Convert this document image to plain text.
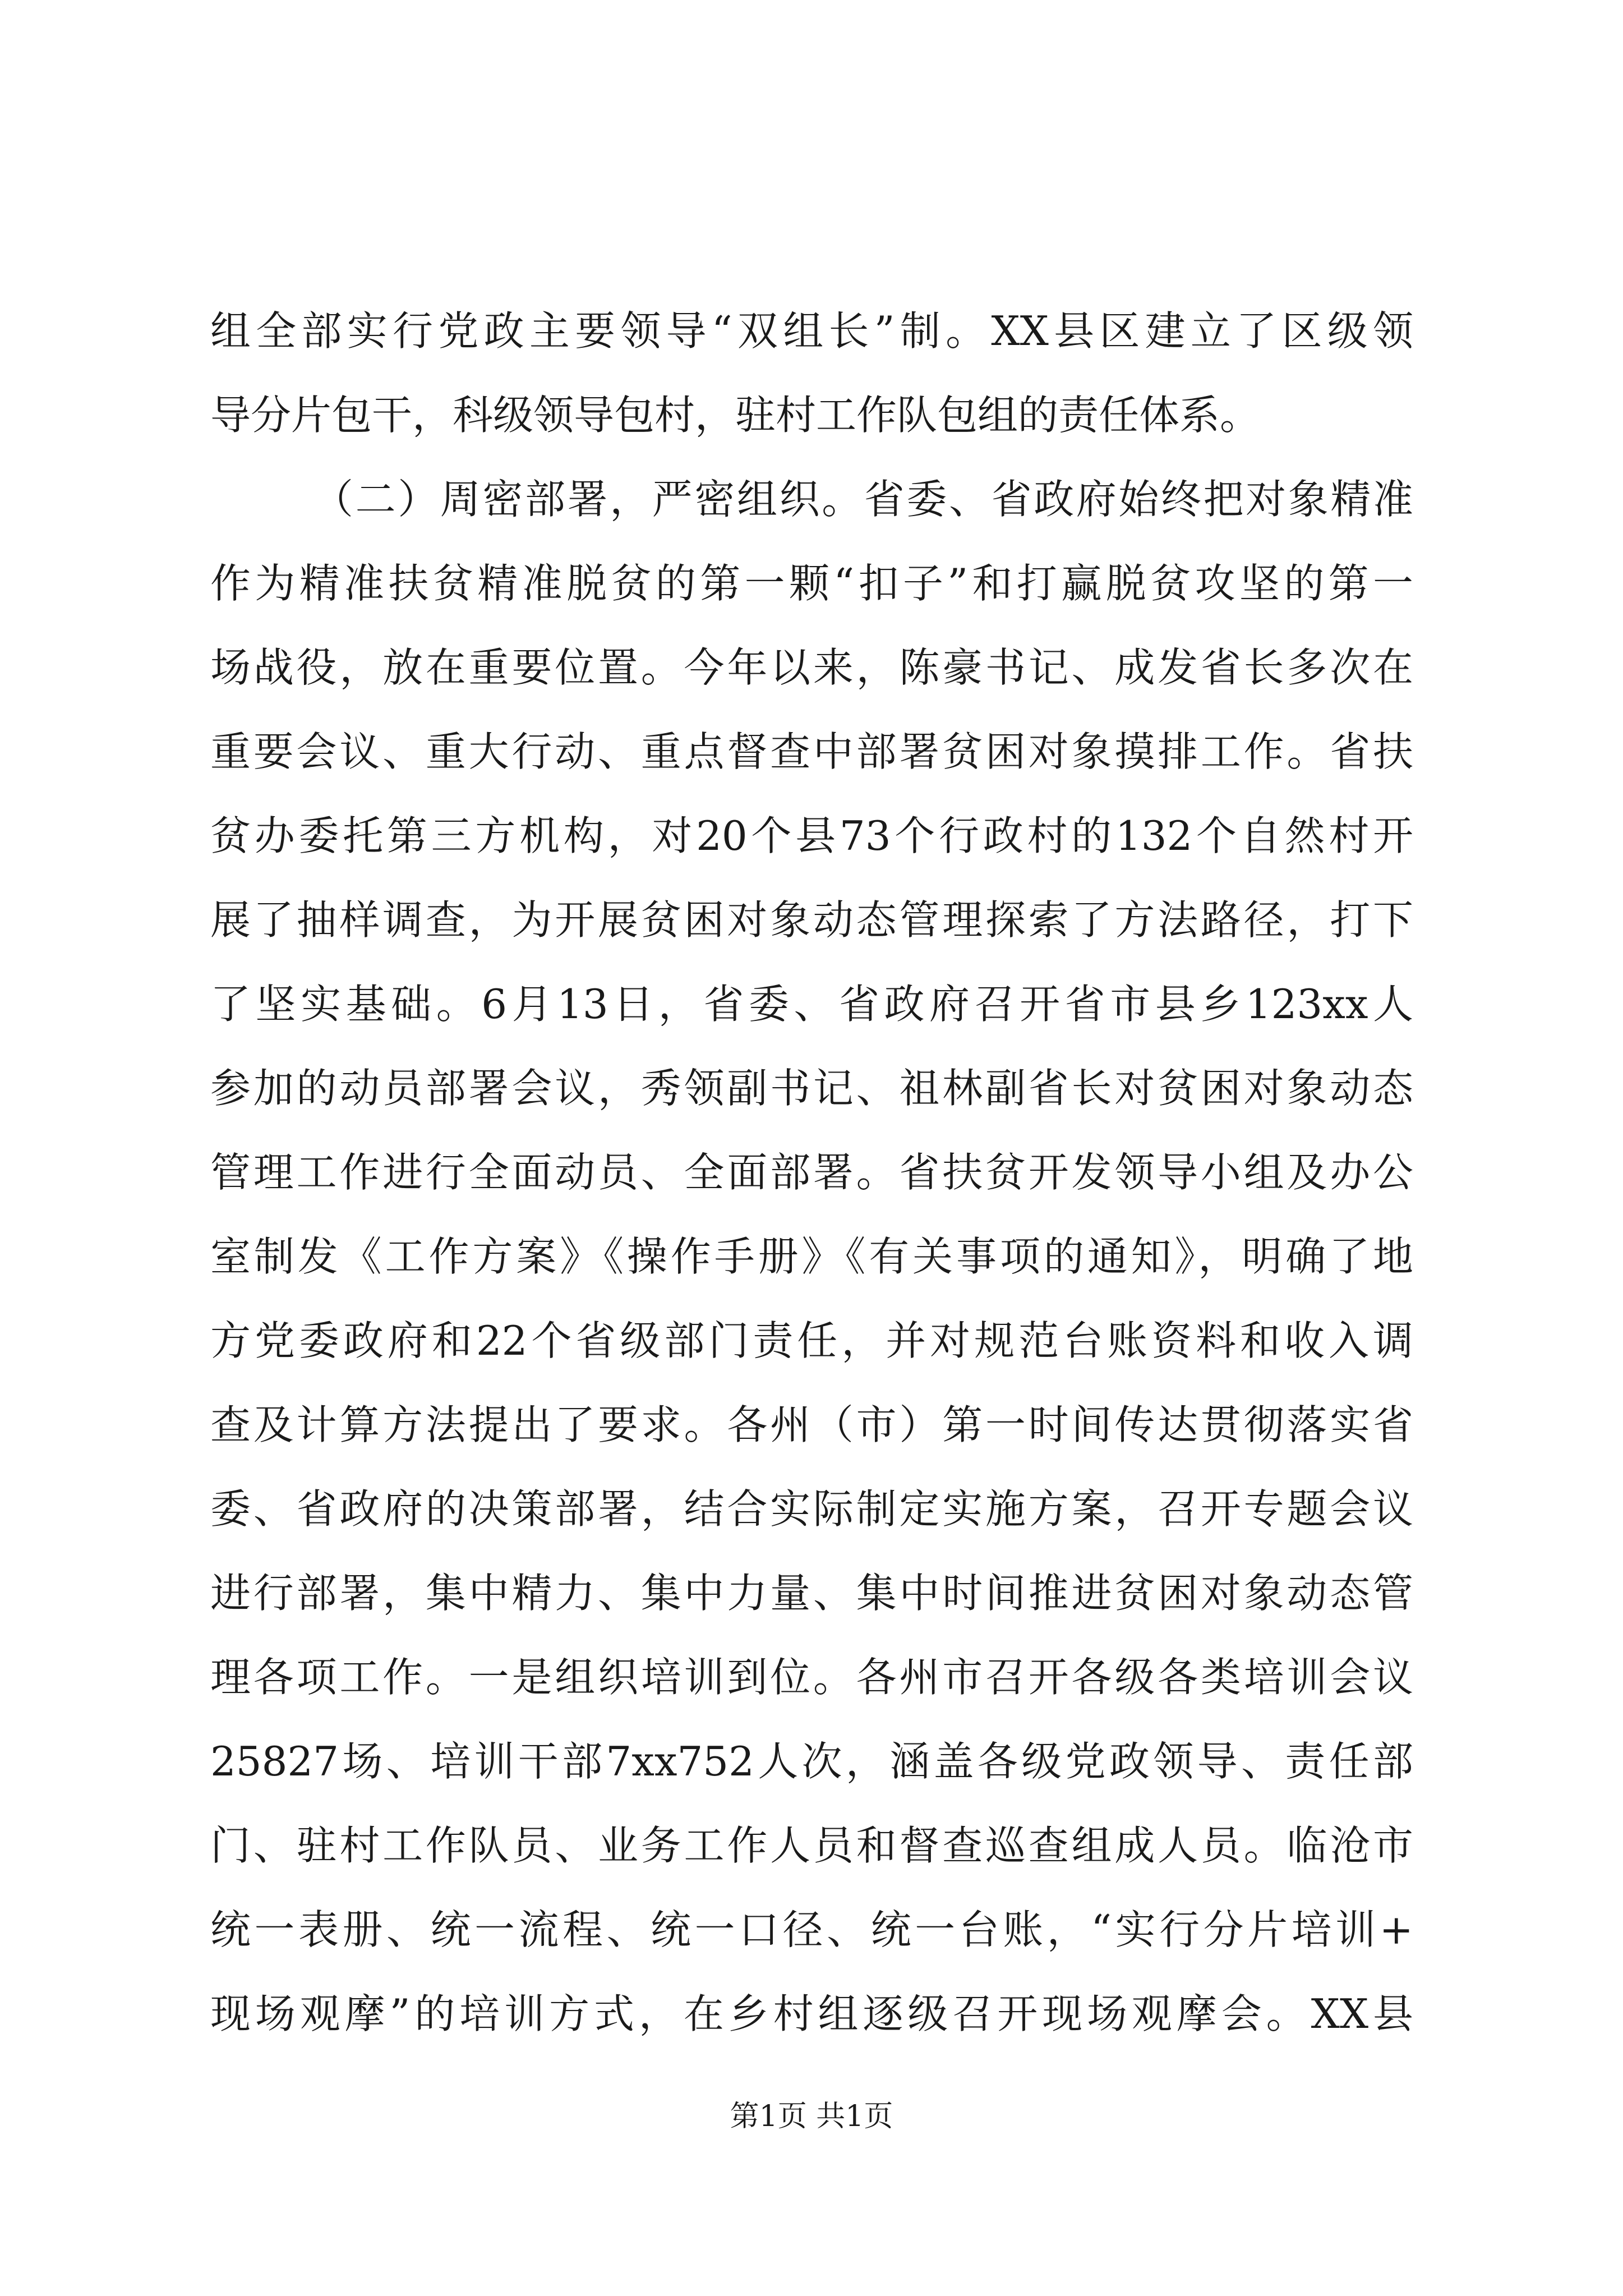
组全部实行党政主要领导“双组长”制。XX县区建立了区级领
导分片包干，科级领导包村，驻村工作队包组的责任体系。
（二）周密部署，严密组织。省委、省政府始终把对象精准
作为精准扶贫精准脱贫的第一颗“扣子”和打赢脱贫攻坚的第一
场战役，放在重要位置。今年以来，陈豪书记、成发省长多次在
重要会议、重大行动、重点督查中部署贫困对象摸排工作。省扶
贫办委托第三方机构，对20个县73个行政村的132个自然村开
展了抽样调查，为开展贫困对象动态管理探索了方法路径，打下
了坚实基础。6月13日，省委、省政府召开省市县乡123xx人
参加的动员部署会议，秀领副书记、祖林副省长对贫困对象动态
管理工作进行全面动员、全面部署。省扶贫开发领导小组及办公
室制发《工作方案》《操作手册》《有关事项的通知》，明确了地
方党委政府和22个省级部门责任，并对规范台账资料和收入调
查及计算方法提出了要求。各州（市）第一时间传达贯彻落实省
委、省政府的决策部署，结合实际制定实施方案，召开专题会议
进行部署，集中精力、集中力量、集中时间推进贫困对象动态管
理各项工作。一是组织培训到位。各州市召开各级各类培训会议
25827场、培训干部7xx752人次，涵盖各级党政领导、责任部
门、驻村工作队员、业务工作人员和督查巡查组成人员。临沧市
统一表册、统一流程、统一口径、统一台账，“实行分片培训+
现场观摩”的培训方式，在乡村组逐级召开现场观摩会。XX县
第1页 共1页
